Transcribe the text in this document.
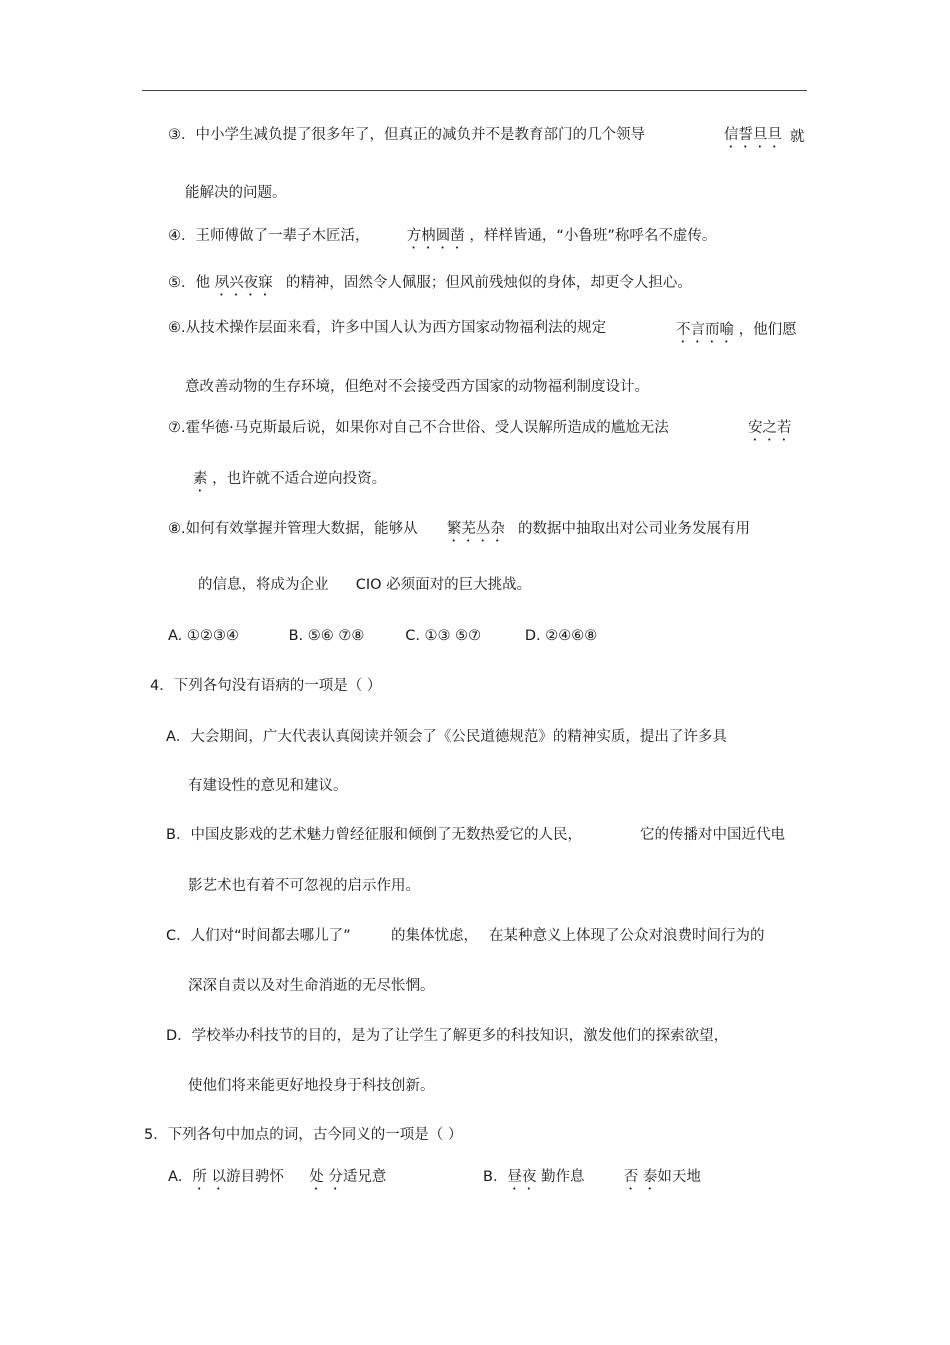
③．中小学生减负提了很多年了，但真正的减负并不是教育部门的几个领导	信誓旦旦 就
能解决的问题。
④．王师傅做了一辈子木匠活，	方枘圆凿 ，样样皆通，“小鲁班”称呼名不虚传。
⑤．他 夙兴夜寐 的精神，固然令人佩服；但风前残烛似的身体，却更令人担心。
⑥.从技术操作层面来看，许多中国人认为西方国家动物福利法的规定	不言而喻 ，他们愿
意改善动物的生存环境，但绝对不会接受西方国家的动物福利制度设计。
⑦.霍华德·马克斯最后说，如果你对自己不合世俗、受人误解所造成的尴尬无法	安之若
素 ，也许就不适合逆向投资。
⑧.如何有效掌握并管理大数据，能够从 繁芜丛杂 的数据中抽取出对公司业务发展有用
的信息，将成为企业 CIO 必须面对的巨大挑战。
A. ①②③④	B. ⑤⑥ ⑦⑧	C. ①③ ⑤⑦	D. ②④⑥⑧
4．下列各句没有语病的一项是（ ）
A．大会期间，广大代表认真阅读并领会了《公民道德规范》的精神实质，提出了许多具
有建设性的意见和建议。
B．中国皮影戏的艺术魅力曾经征服和倾倒了无数热爱它的人民，	它的传播对中国近代电
影艺术也有着不可忽视的启示作用。
C．人们对“时间都去哪儿了”	的集体忧虑， 在某种意义上体现了公众对浪费时间行为的
深深自责以及对生命消逝的无尽怅惘。
D．学校举办科技节的目的，是为了让学生了解更多的科技知识，激发他们的探索欲望，
使他们将来能更好地投身于科技创新。
5．下列各句中加点的词，古今同义的一项是（ ）
A．所 以游目骋怀 处 分适兄意	B．昼夜 勤作息	否 泰如天地
